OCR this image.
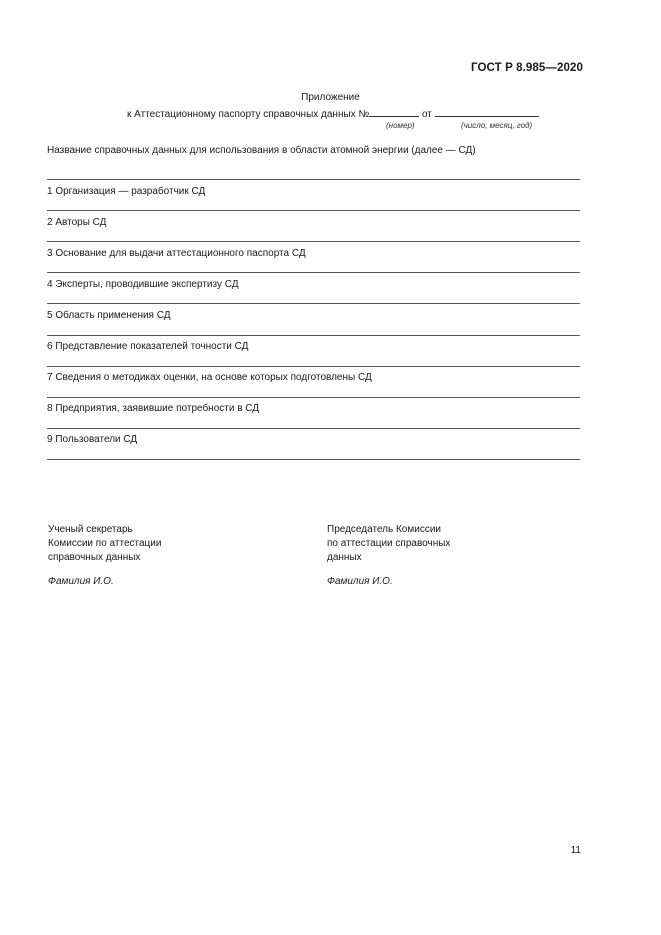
ГОСТ Р 8.985—2020
Приложение
к Аттестационному паспорту справочных данных №	от
(номер)	(число, месяц, год)
Название справочных данных для использования в области атомной энергии (далее — СД)
1 Организация — разработчик СД
2 Авторы СД
3 Основание для выдачи аттестационного паспорта СД
4 Эксперты, проводившие экспертизу СД
5 Область применения СД
6 Представление показателей точности СД
7 Сведения о методиках оценки, на основе которых подготовлены СД
8 Предприятия, заявившие потребности в СД
9 Пользователи СД
Ученый секретарь
Комиссии по аттестации
справочных данных
Фамилия И.О.
Председатель Комиссии
по аттестации справочных
данных
Фамилия И.О.
11
